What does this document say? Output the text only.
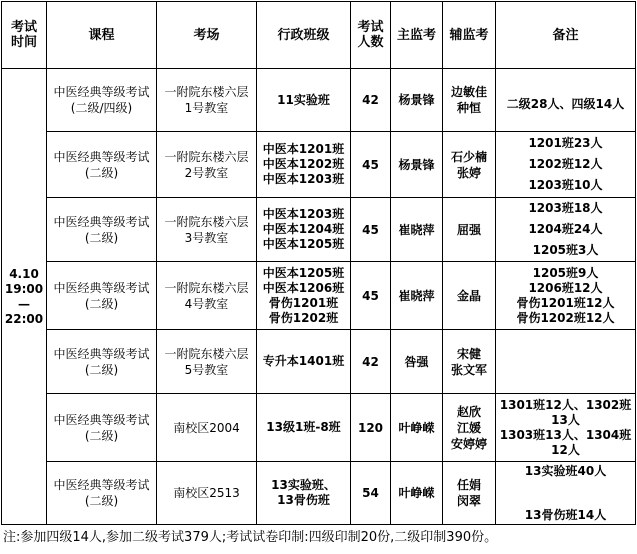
考试
时间	课程	考场	行政班级	考试
人数	主监考	辅监考	备注

4.10
19:00
—
22:00	中医经典等级考试
(二级/四级)	一附院东楼六层
1号教室	11实验班	42	杨景锋	边敏佳
种恒	二级28人、四级14人

	中医经典等级考试
(二级)	一附院东楼六层
2号教室	中医本1201班
中医本1202班
中医本1203班	45	杨景锋	石少楠
张婷	1201班23人
1202班12人
1203班10人

	中医经典等级考试
(二级)	一附院东楼六层
3号教室	中医本1203班
中医本1204班
中医本1205班	45	崔晓萍	屈强	1203班18人
1204班24人
1205班3人

	中医经典等级考试
(二级)	一附院东楼六层
4号教室	中医本1205班
中医本1206班
骨伤1201班
骨伤1202班	45	崔晓萍	金晶	1205班9人
1206班12人
骨伤1201班12人
骨伤1202班12人

	中医经典等级考试
(二级)	一附院东楼六层
5号教室	专升本1401班	42	咎强	宋健
张文军	

	中医经典等级考试
(二级)	南校区2004	13级1班-8班	120	叶峥嵘	赵欣
江媛
安婷婷	1301班12人、1302班
13人
1303班13人、1304班
12人

	中医经典等级考试
(二级)	南校区2513	13实验班、
13骨伤班	54	叶峥嵘	任娟
闵翠	13实验班40人
13骨伤班14人
注:参加四级14人,参加二级考试379人;考试试卷印制:四级印制20份,二级印制390份。
